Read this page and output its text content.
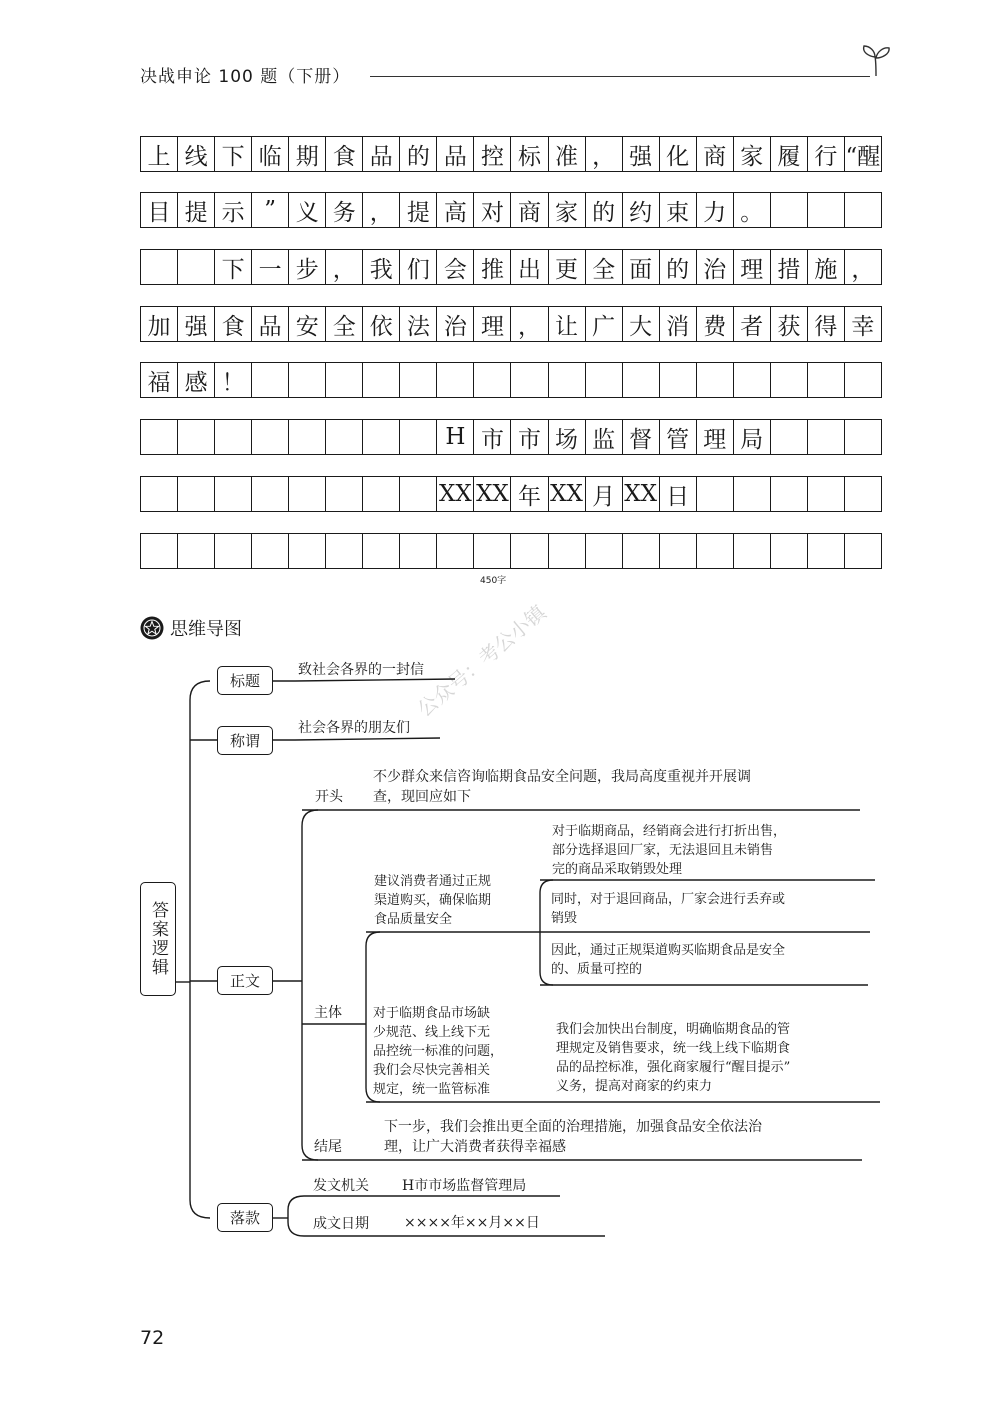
决战申论 100 题（下册）
上 线 下 临 期 食 品 的 品 控 标 准 ， 强 化 商 家 履 行 “醒
目 提 示 ” 义 务 ， 提 高 对 商 家 的 约 束 力 。
下 一 步 ， 我 们 会 推 出 更 全 面 的 治 理 措 施 ，
加 强 食 品 安 全 依 法 治 理 ， 让 广 大 消 费 者 获 得 幸
福 感 ！
H 市 市 场 监 督 管 理 局
XX XX 年 XX 月 XX 日
450字
思维导图	公众号：考公小镇
答案逻辑
标题
致社会各界的一封信
称谓
社会各界的朋友们
正文
开头
不少群众来信咨询临期食品安全问题，我局高度重视并开展调
查，现回应如下
主体
建议消费者通过正规
渠道购买，确保临期
食品质量安全
对于临期商品，经销商会进行打折出售，
部分选择退回厂家，无法退回且未销售
完的商品采取销毁处理
同时，对于退回商品，厂家会进行丢弃或
销毁
因此，通过正规渠道购买临期食品是安全
的、质量可控的
对于临期食品市场缺
少规范、线上线下无
品控统一标准的问题，
我们会尽快完善相关
规定，统一监管标准
我们会加快出台制度，明确临期食品的管
理规定及销售要求，统一线上线下临期食
品的品控标准，强化商家履行“醒目提示”
义务，提高对商家的约束力
结尾
下一步，我们会推出更全面的治理措施，加强食品安全依法治
理，让广大消费者获得幸福感
落款
发文机关 H市市场监督管理局
成文日期	××××年××月××日
72
